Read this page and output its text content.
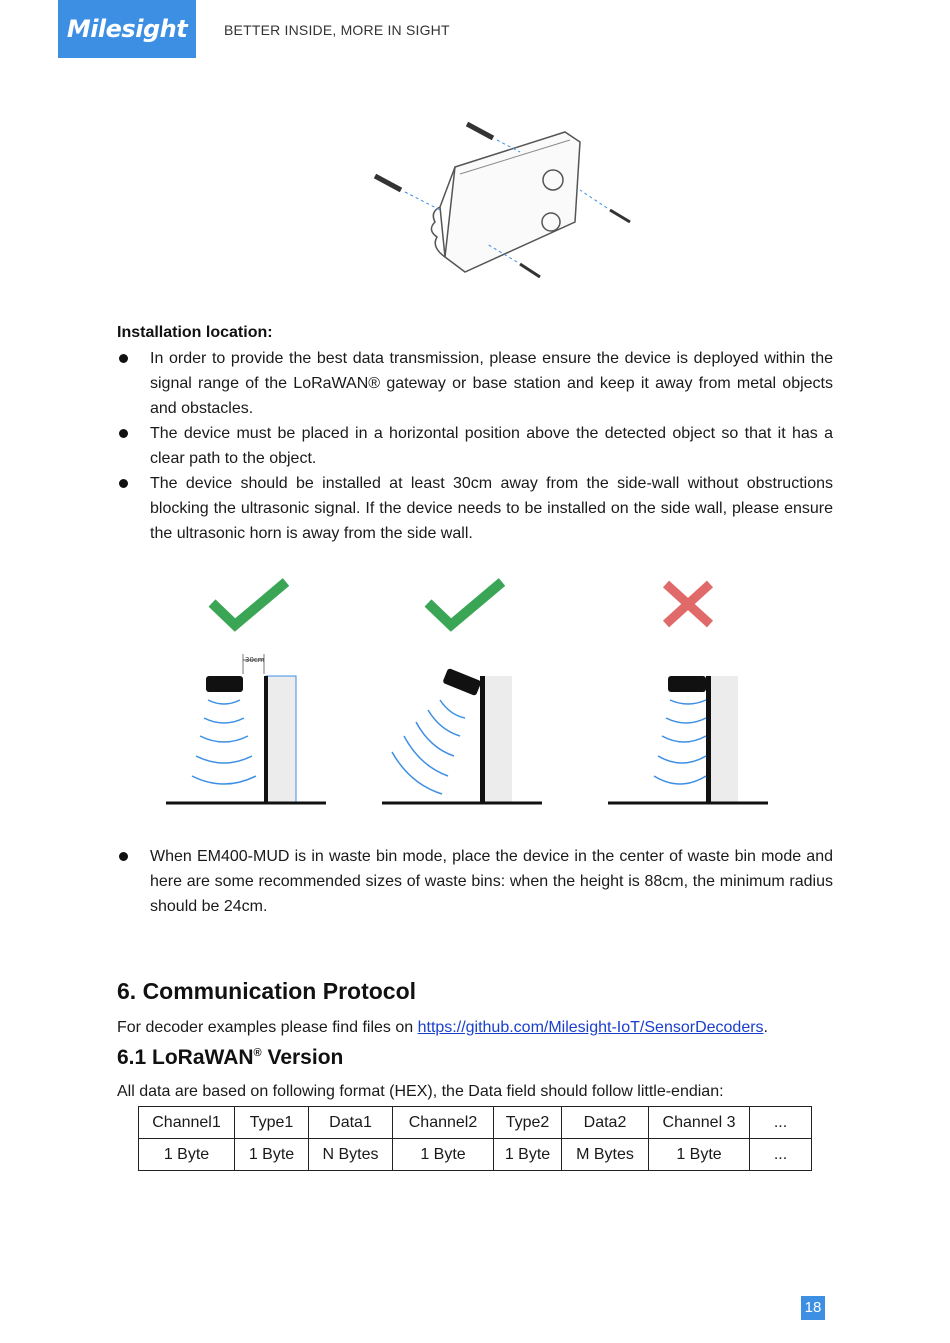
Milesight	BETTER INSIDE, MORE IN SIGHT
Installation location:
In order to provide the best data transmission, please ensure the device is deployed within the signal range of the LoRaWAN® gateway or base station and keep it away from metal objects and obstacles.
The device must be placed in a horizontal position above the detected object so that it has a clear path to the object.
The device should be installed at least 30cm away from the side-wall without obstructions blocking the ultrasonic signal. If the device needs to be installed on the side wall, please ensure the ultrasonic horn is away from the side wall.
30cm
When EM400-MUD is in waste bin mode, place the device in the center of waste bin mode and here are some recommended sizes of waste bins: when the height is 88cm, the minimum radius should be 24cm.
6. Communication Protocol
For decoder examples please find files on https://github.com/Milesight-IoT/SensorDecoders.
6.1 LoRaWAN® Version
All data are based on following format (HEX), the Data field should follow little-endian:
Channel1	Type1	Data1	Channel2	Type2	Data2	Channel 3	...
1 Byte	1 Byte	N Bytes	1 Byte	1 Byte	M Bytes	1 Byte	...
18
